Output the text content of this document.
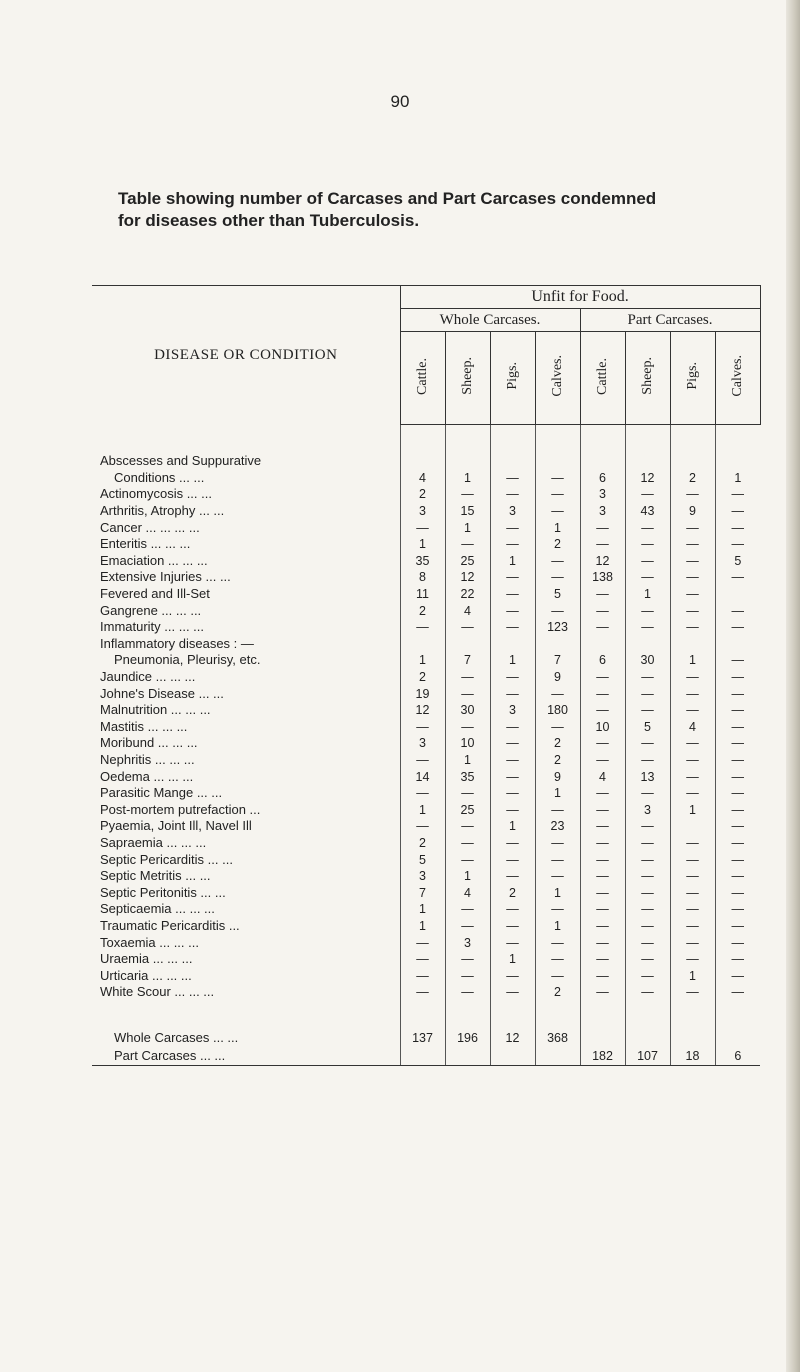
90
Table showing number of Carcases and Part Carcases condemned
for diseases other than Tuberculosis.
DISEASE OR CONDITION	Unfit for Food.							
	Whole Carcases.				Part Carcases.			
	Cattle.	Sheep.	Pigs.	Calves.	Cattle.	Sheep.	Pigs.	Calves.

Abscesses and Suppurative								
Conditions ... ...	4	1	—	—	6	12	2	1
Actinomycosis ... ...	2	—	—	—	3	—	—	—
Arthritis, Atrophy ... ...	3	15	3	—	3	43	9	—
Cancer ... ... ... ...	—	1	—	1	—	—	—	—
Enteritis ... ... ...	1	—	—	2	—	—	—	—
Emaciation ... ... ...	35	25	1	—	12	—	—	5
Extensive Injuries ... ...	8	12	—	—	138	—	—	—
Fevered and Ill-Set	11	22	—	5	—	1	—	
Gangrene ... ... ...	2	4	—	—	—	—	—	—
Immaturity ... ... ...	—	—	—	123	—	—	—	—
Inflammatory diseases : —								
Pneumonia, Pleurisy, etc.	1	7	1	7	6	30	1	—
Jaundice ... ... ...	2	—	—	9	—	—	—	—
Johne's Disease ... ...	19	—	—	—	—	—	—	—
Malnutrition ... ... ...	12	30	3	180	—	—	—	—
Mastitis ... ... ...	—	—	—	—	10	5	4	—
Moribund ... ... ...	3	10	—	2	—	—	—	—
Nephritis ... ... ...	—	1	—	2	—	—	—	—
Oedema ... ... ...	14	35	—	9	4	13	—	—
Parasitic Mange ... ...	—	—	—	1	—	—	—	—
Post-mortem putrefaction ...	1	25	—	—	—	3	1	—
Pyaemia, Joint Ill, Navel Ill	—	—	1	23	—	—		—
Sapraemia ... ... ...	2	—	—	—	—	—	—	—
Septic Pericarditis ... ...	5	—	—	—	—	—	—	—
Septic Metritis ... ...	3	1	—	—	—	—	—	—
Septic Peritonitis ... ...	7	4	2	1	—	—	—	—
Septicaemia ... ... ...	1	—	—	—	—	—	—	—
Traumatic Pericarditis ...	1	—	—	1	—	—	—	—
Toxaemia ... ... ...	—	3	—	—	—	—	—	—
Uraemia ... ... ...	—	—	1	—	—	—	—	—
Urticaria ... ... ...	—	—	—	—	—	—	1	—
White Scour ... ... ...	—	—	—	2	—	—	—	—

Whole Carcases ... ...	137	196	12	368				
Part Carcases ... ...					182	107	18	6
